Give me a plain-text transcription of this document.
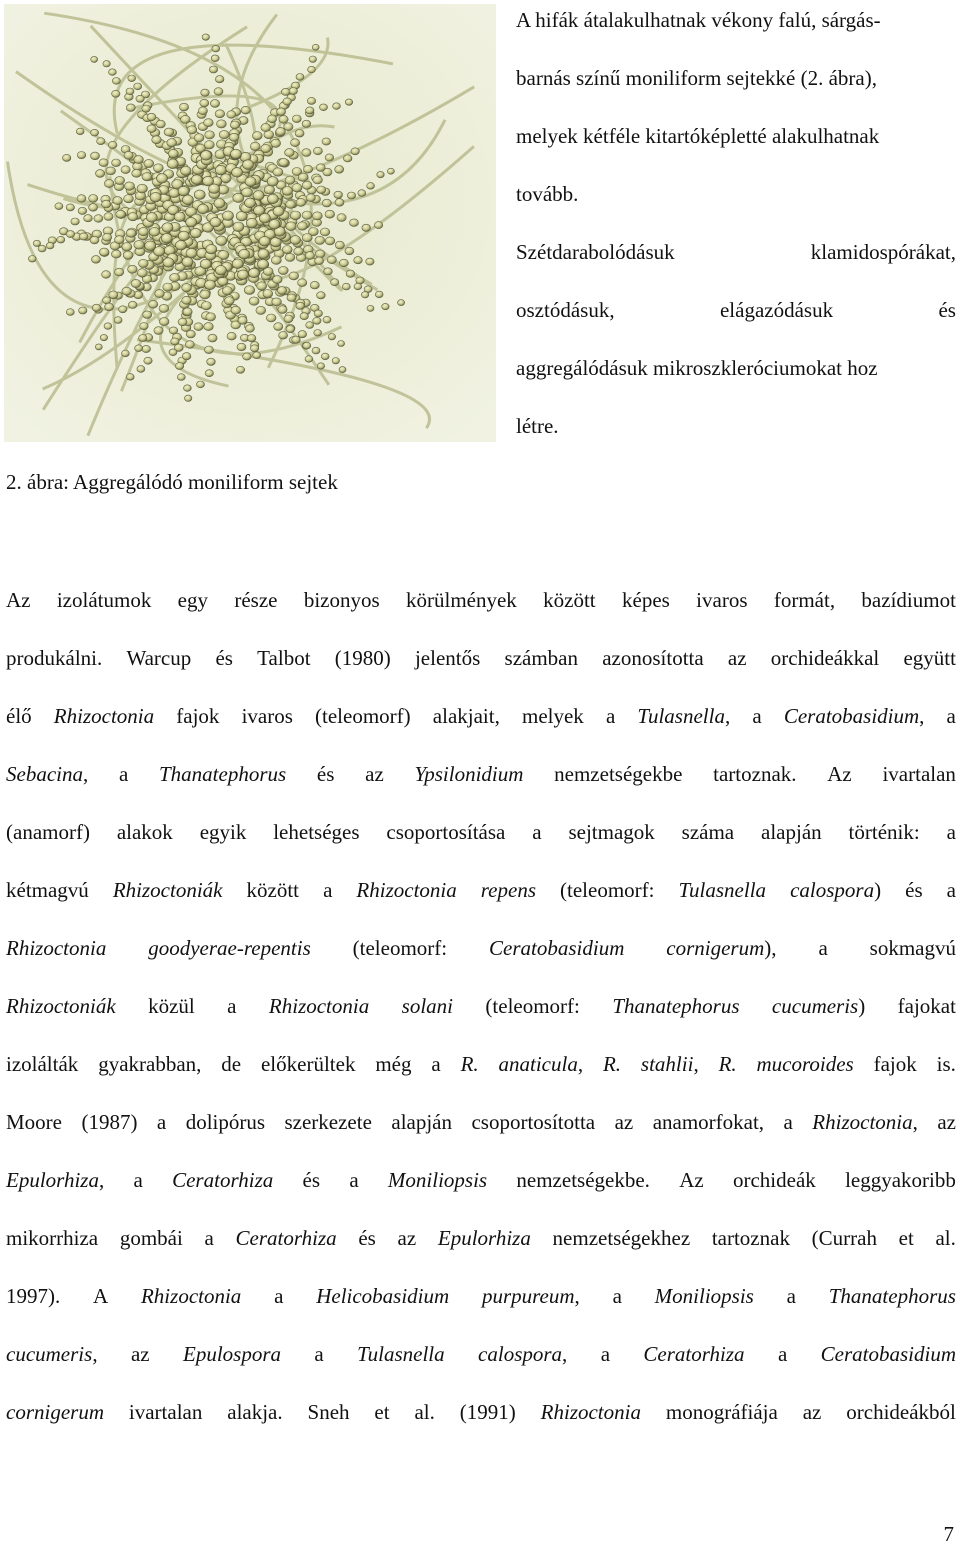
A hifák átalakulhatnak vékony falú, sárgás-
barnás színű moniliform sejtekké (2. ábra),
melyek kétféle kitartóképletté alakulhatnak
tovább.
Szétdarabolódásuk	klamidospórákat,
osztódásuk,	elágazódásuk	és
aggregálódásuk mikroszkleróciumokat hoz
létre.
2. ábra: Aggregálódó moniliform sejtek
Az izolátumok egy része bizonyos körülmények között képes ivaros formát, bazídiumot
produkálni. Warcup és Talbot (1980) jelentős számban azonosította az orchideákkal együtt
élő Rhizoctonia fajok ivaros (teleomorf) alakjait, melyek a Tulasnella, a Ceratobasidium, a
Sebacina, a Thanatephorus és az Ypsilonidium nemzetségekbe tartoznak. Az ivartalan
(anamorf) alakok egyik lehetséges csoportosítása a sejtmagok száma alapján történik: a
kétmagvú Rhizoctoniák között a Rhizoctonia repens (teleomorf: Tulasnella calospora) és a
Rhizoctonia goodyerae-repentis (teleomorf: Ceratobasidium cornigerum), a sokmagvú
Rhizoctoniák közül a Rhizoctonia solani (teleomorf: Thanatephorus cucumeris) fajokat
izolálták gyakrabban, de előkerültek még a R. anaticula, R. stahlii, R. mucoroides fajok is.
Moore (1987) a dolipórus szerkezete alapján csoportosította az anamorfokat, a Rhizoctonia, az
Epulorhiza, a Ceratorhiza és a Moniliopsis nemzetségekbe. Az orchideák leggyakoribb
mikorrhiza gombái a Ceratorhiza és az Epulorhiza nemzetségekhez tartoznak (Currah et al.
1997). A Rhizoctonia a Helicobasidium purpureum, a Moniliopsis a Thanatephorus
cucumeris, az Epulospora a Tulasnella calospora, a Ceratorhiza a Ceratobasidium
cornigerum ivartalan alakja. Sneh et al. (1991) Rhizoctonia monográfiája az orchideákból
7
